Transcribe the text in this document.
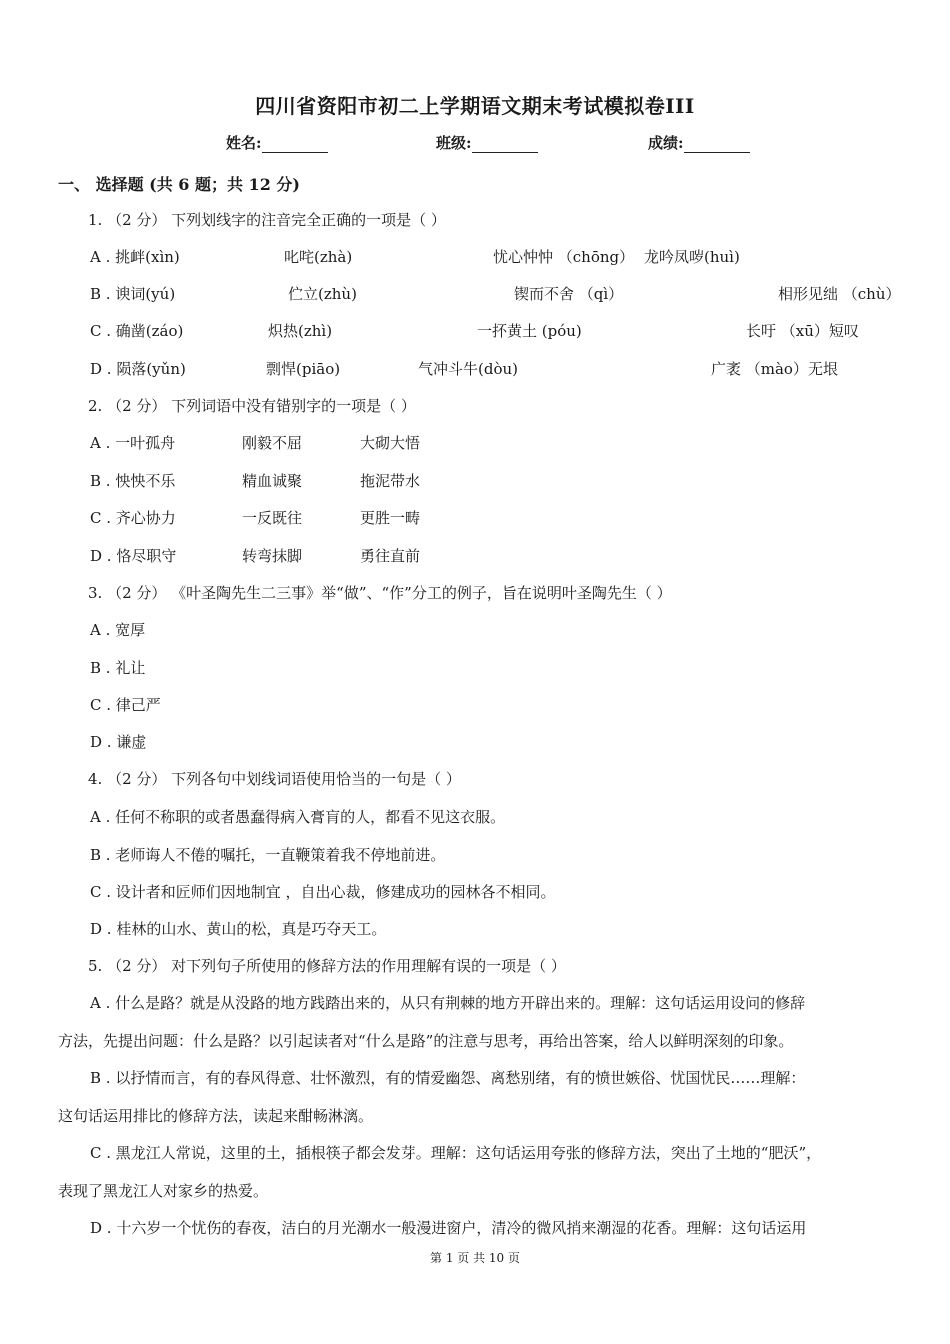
四川省资阳市初二上学期语文期末考试模拟卷III
姓名:	班级:	成绩:
一、 选择题 (共 6 题；共 12 分)
1. （2 分） 下列划线字的注音完全正确的一项是（ ）
A . 挑衅(xìn)	叱咤(zhà)	忧心忡忡 （chōng） 龙吟凤哕(huì)
B . 谀词(yú)	伫立(zhù)	锲而不舍 （qì）	相形见绌 （chù）
C . 确凿(záo)	炽热(zhì)	一抔黄土 (póu)	长吁 （xū）短叹
D . 陨落(yǔn)	剽悍(piāo)	气冲斗牛(dòu)	广袤 （mào）无垠
2. （2 分） 下列词语中没有错别字的一项是（ ）
A . 一叶孤舟	刚毅不屈	大砌大悟
B . 怏怏不乐	精血诚聚	拖泥带水
C . 齐心协力	一反既往	更胜一畴
D . 恪尽职守	转弯抹脚	勇往直前
3. （2 分） 《叶圣陶先生二三事》举“做”、“作”分工的例子，旨在说明叶圣陶先生（ ）
A . 宽厚
B . 礼让
C . 律己严
D . 谦虚
4. （2 分） 下列各句中划线词语使用恰当的一句是（ ）
A . 任何不称职的或者愚蠢得病入膏肓的人，都看不见这衣服。
B . 老师诲人不倦的嘱托，一直鞭策着我不停地前进。
C . 设计者和匠师们因地制宜 ，自出心裁，修建成功的园林各不相同。
D . 桂林的山水、黄山的松，真是巧夺天工。
5. （2 分） 对下列句子所使用的修辞方法的作用理解有误的一项是（ ）
A . 什么是路？就是从没路的地方践踏出来的，从只有荆棘的地方开辟出来的。理解：这句话运用设问的修辞
方法，先提出问题：什么是路？以引起读者对“什么是路”的注意与思考，再给出答案，给人以鲜明深刻的印象。
B . 以抒情而言，有的春风得意、壮怀激烈，有的情爱幽怨、离愁别绪，有的愤世嫉俗、忧国忧民……理解：
这句话运用排比的修辞方法，读起来酣畅淋漓。
C . 黑龙江人常说，这里的土，插根筷子都会发芽。理解：这句话运用夸张的修辞方法，突出了土地的“肥沃”，
表现了黑龙江人对家乡的热爱。
D . 十六岁一个忧伤的春夜，洁白的月光潮水一般漫进窗户，清冷的微风捎来潮湿的花香。理解：这句话运用
第 1 页 共 10 页
